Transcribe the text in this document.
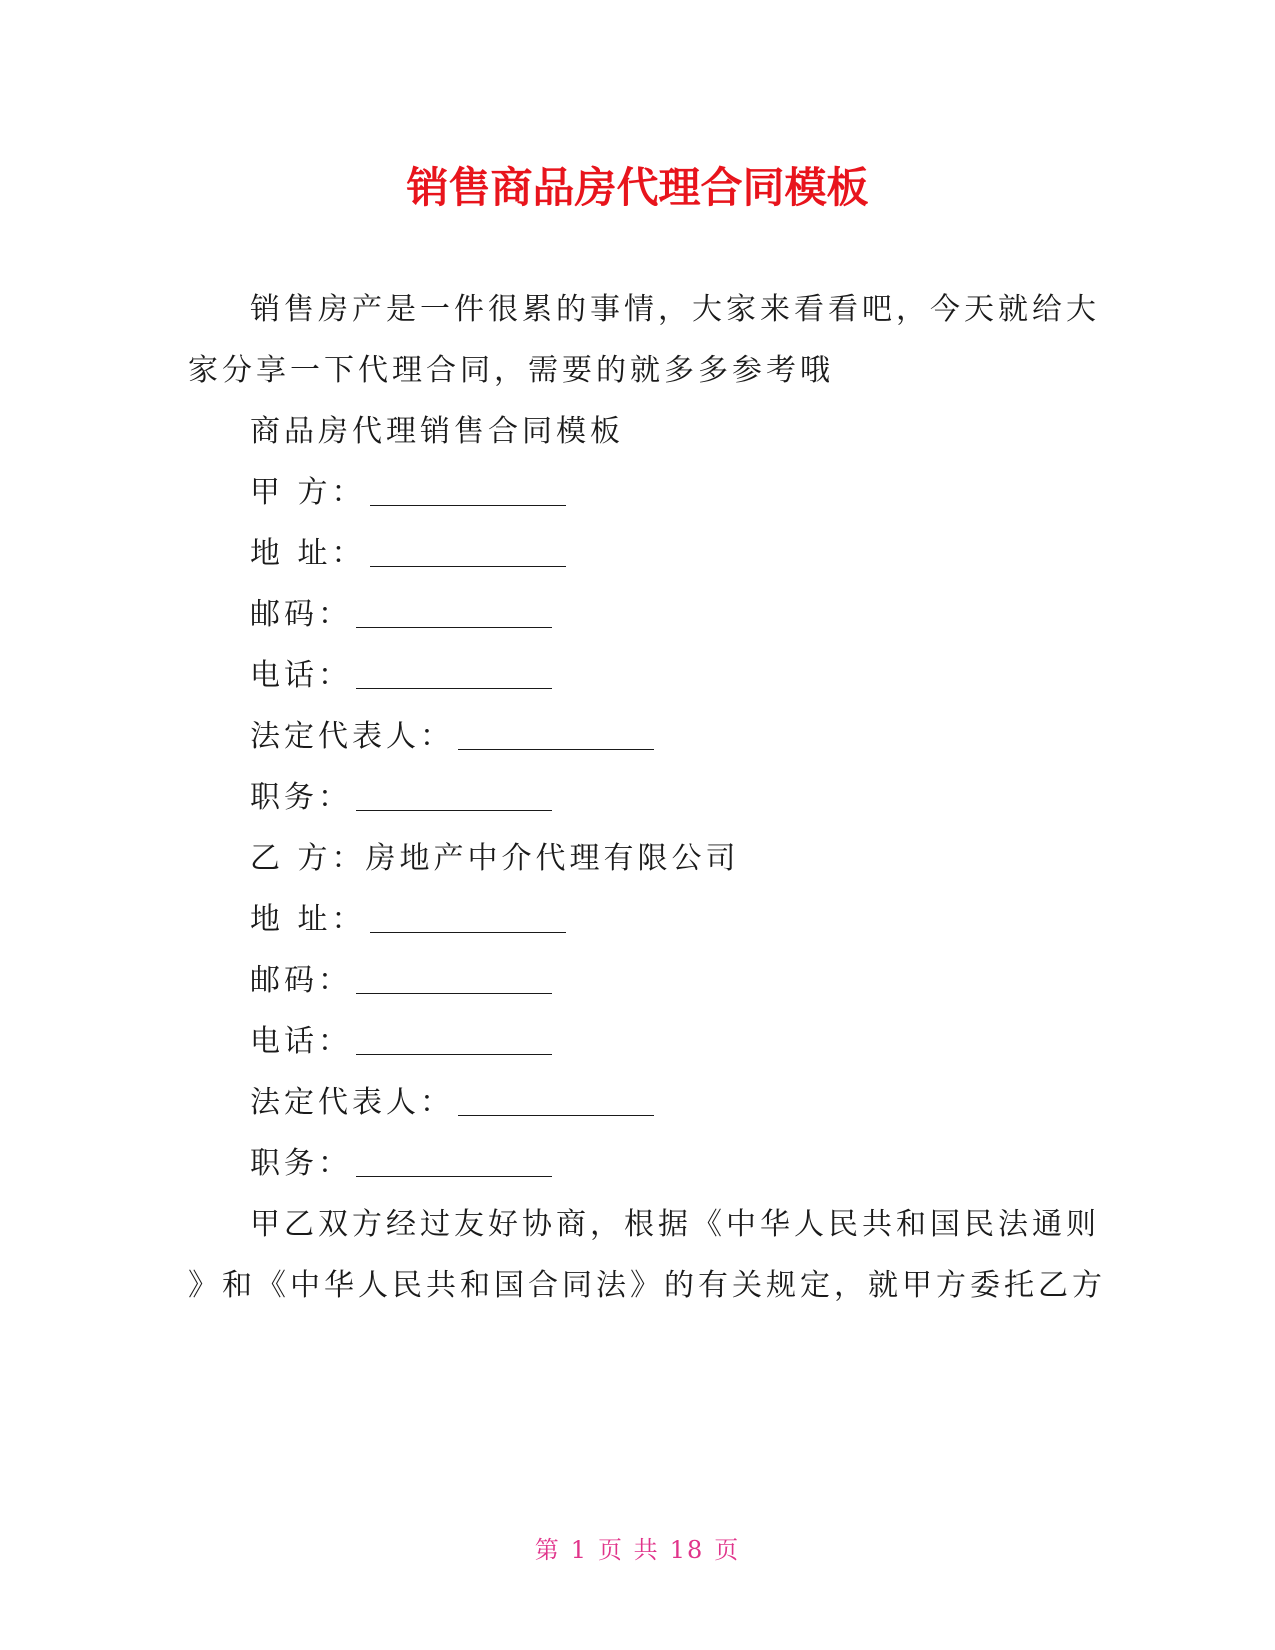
销售商品房代理合同模板
销售房产是一件很累的事情，大家来看看吧，今天就给大
家分享一下代理合同，需要的就多多参考哦
商品房代理销售合同模板
甲 方：
地 址：
邮码：
电话：
法定代表人：
职务：
乙 方：房地产中介代理有限公司
地 址：
邮码：
电话：
法定代表人：
职务：
甲乙双方经过友好协商，根据《中华人民共和国民法通则
》和《中华人民共和国合同法》的有关规定，就甲方委托乙方
第 1 页 共 18 页
